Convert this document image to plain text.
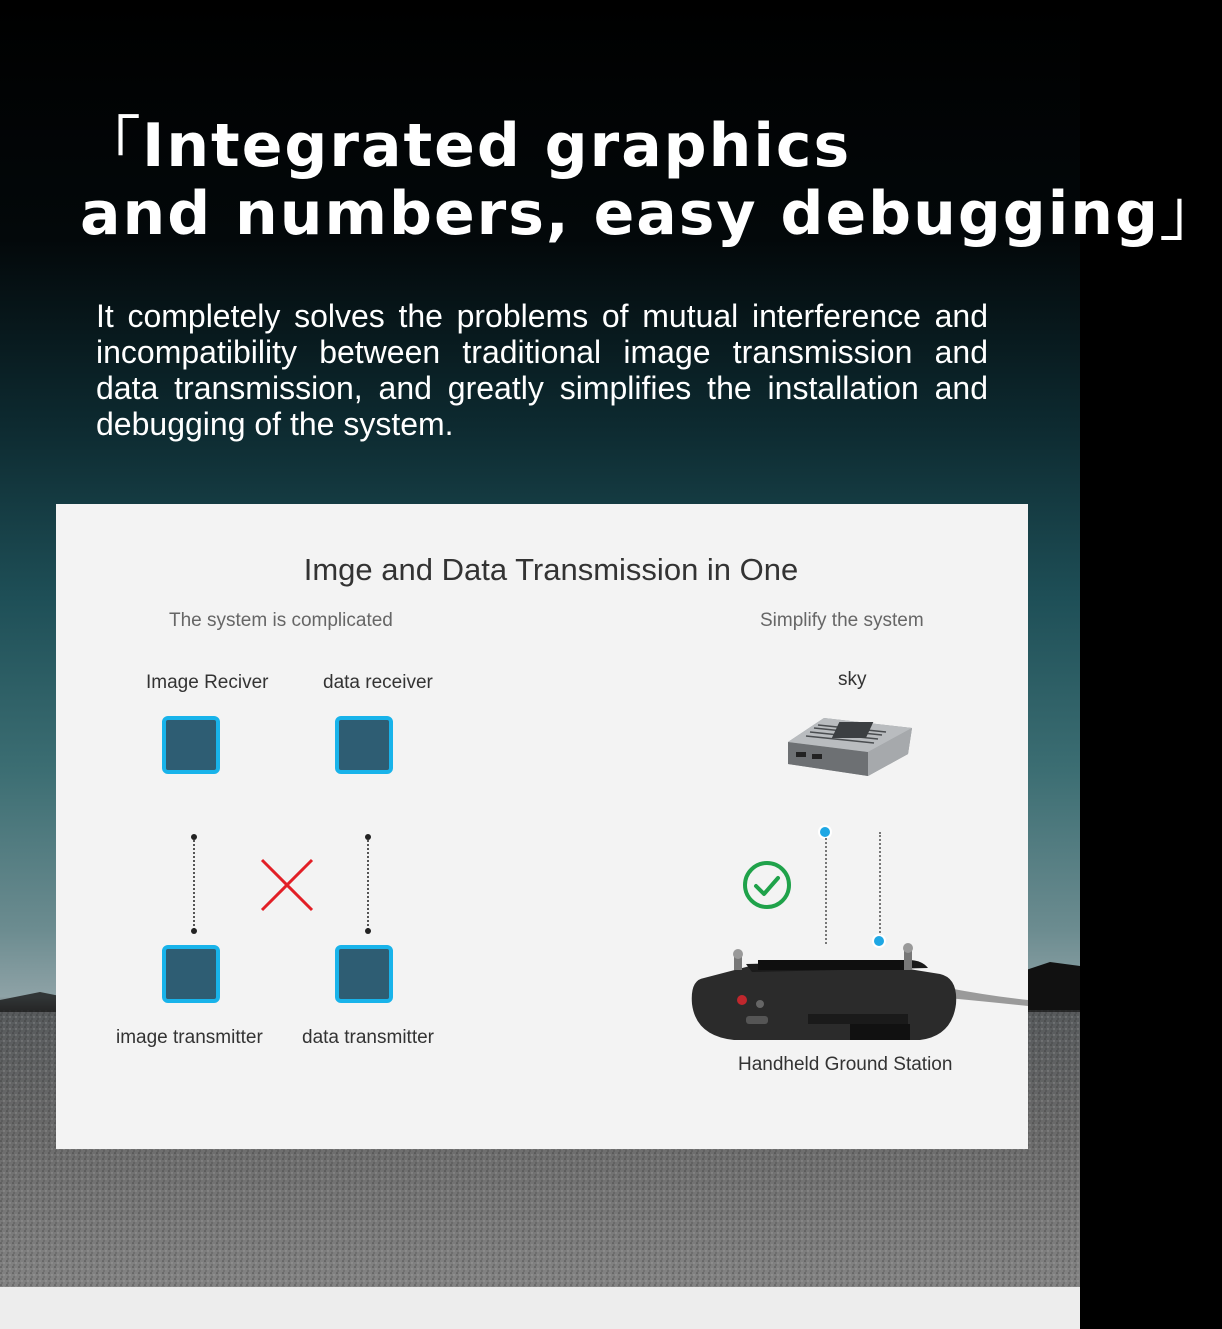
「Integrated graphics
and numbers, easy debugging」

It completely solves the problems of mutual interference and incompatibility between traditional image transmission and data transmission, and greatly simplifies the installation and debugging of the system.

Imge and Data Transmission in One

The system is complicated
Image Reciver	data receiver
image transmitter data transmitter
Simplify the system
sky
Handheld Ground Station
